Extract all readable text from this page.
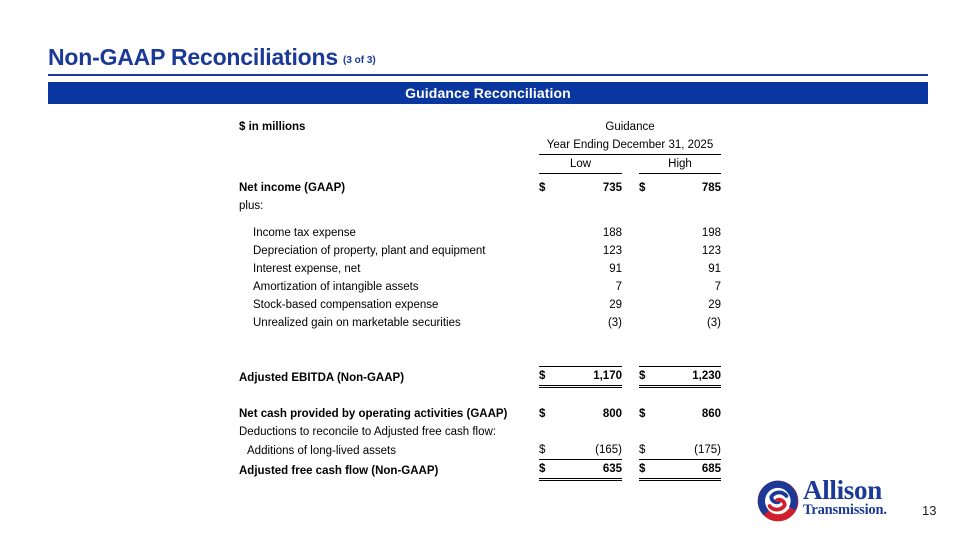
Non-GAAP Reconciliations (3 of 3)
Guidance Reconciliation
$ in millions	Guidance				
	Year Ending December 31, 2025				
	Low			High	

Net income (GAAP)	$	735		$	785
plus:					

Income tax expense		188			198
Depreciation of property, plant and equipment		123			123
Interest expense, net		91			91
Amortization of intangible assets		7			7
Stock-based compensation expense		29			29
Unrealized gain on marketable securities		(3)			(3)

Adjusted EBITDA (Non-GAAP)	$	1,170		$	1,230

Net cash provided by operating activities (GAAP)	$	800		$	860
Deductions to reconcile to Adjusted free cash flow:					
Additions of long-lived assets	$	(165)		$	(175)
Adjusted free cash flow (Non-GAAP)	$	635		$	685
Allison
Transmission.	13
